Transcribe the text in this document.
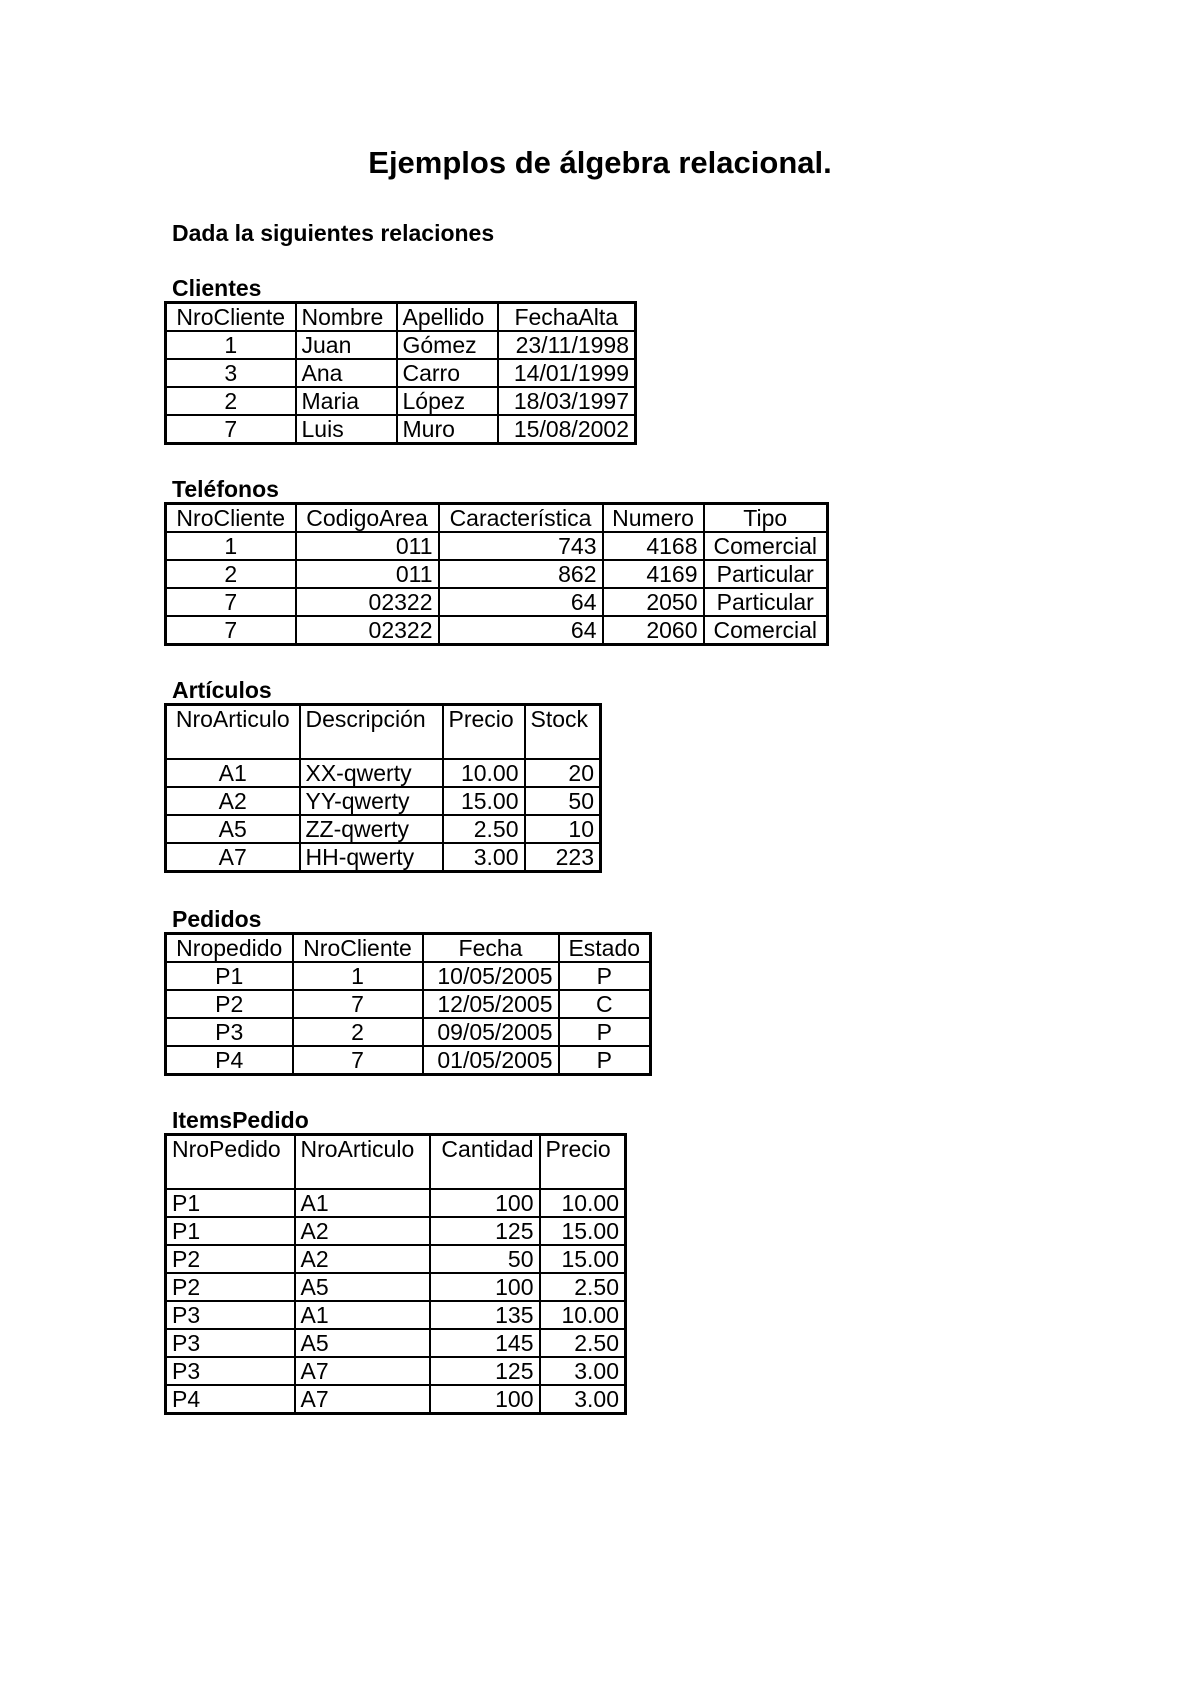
Ejemplos de álgebra relacional.
Dada la siguientes relaciones
Clientes
NroCliente	Nombre	Apellido	FechaAlta
1	Juan	Gómez	23/11/1998
3	Ana	Carro	14/01/1999
2	Maria	López	18/03/1997
7	Luis	Muro	15/08/2002
Teléfonos
NroCliente	CodigoArea	Característica	Numero	Tipo
1	011	743	4168	Comercial
2	011	862	4169	Particular
7	02322	64	2050	Particular
7	02322	64	2060	Comercial
Artículos
NroArticulo	Descripción	Precio	Stock
A1	XX-qwerty	10.00	20
A2	YY-qwerty	15.00	50
A5	ZZ-qwerty	2.50	10
A7	HH-qwerty	3.00	223
Pedidos
Nropedido	NroCliente	Fecha	Estado
P1	1	10/05/2005	P
P2	7	12/05/2005	C
P3	2	09/05/2005	P
P4	7	01/05/2005	P
ItemsPedido
NroPedido	NroArticulo	Cantidad	Precio
P1	A1	100	10.00
P1	A2	125	15.00
P2	A2	50	15.00
P2	A5	100	2.50
P3	A1	135	10.00
P3	A5	145	2.50
P3	A7	125	3.00
P4	A7	100	3.00
